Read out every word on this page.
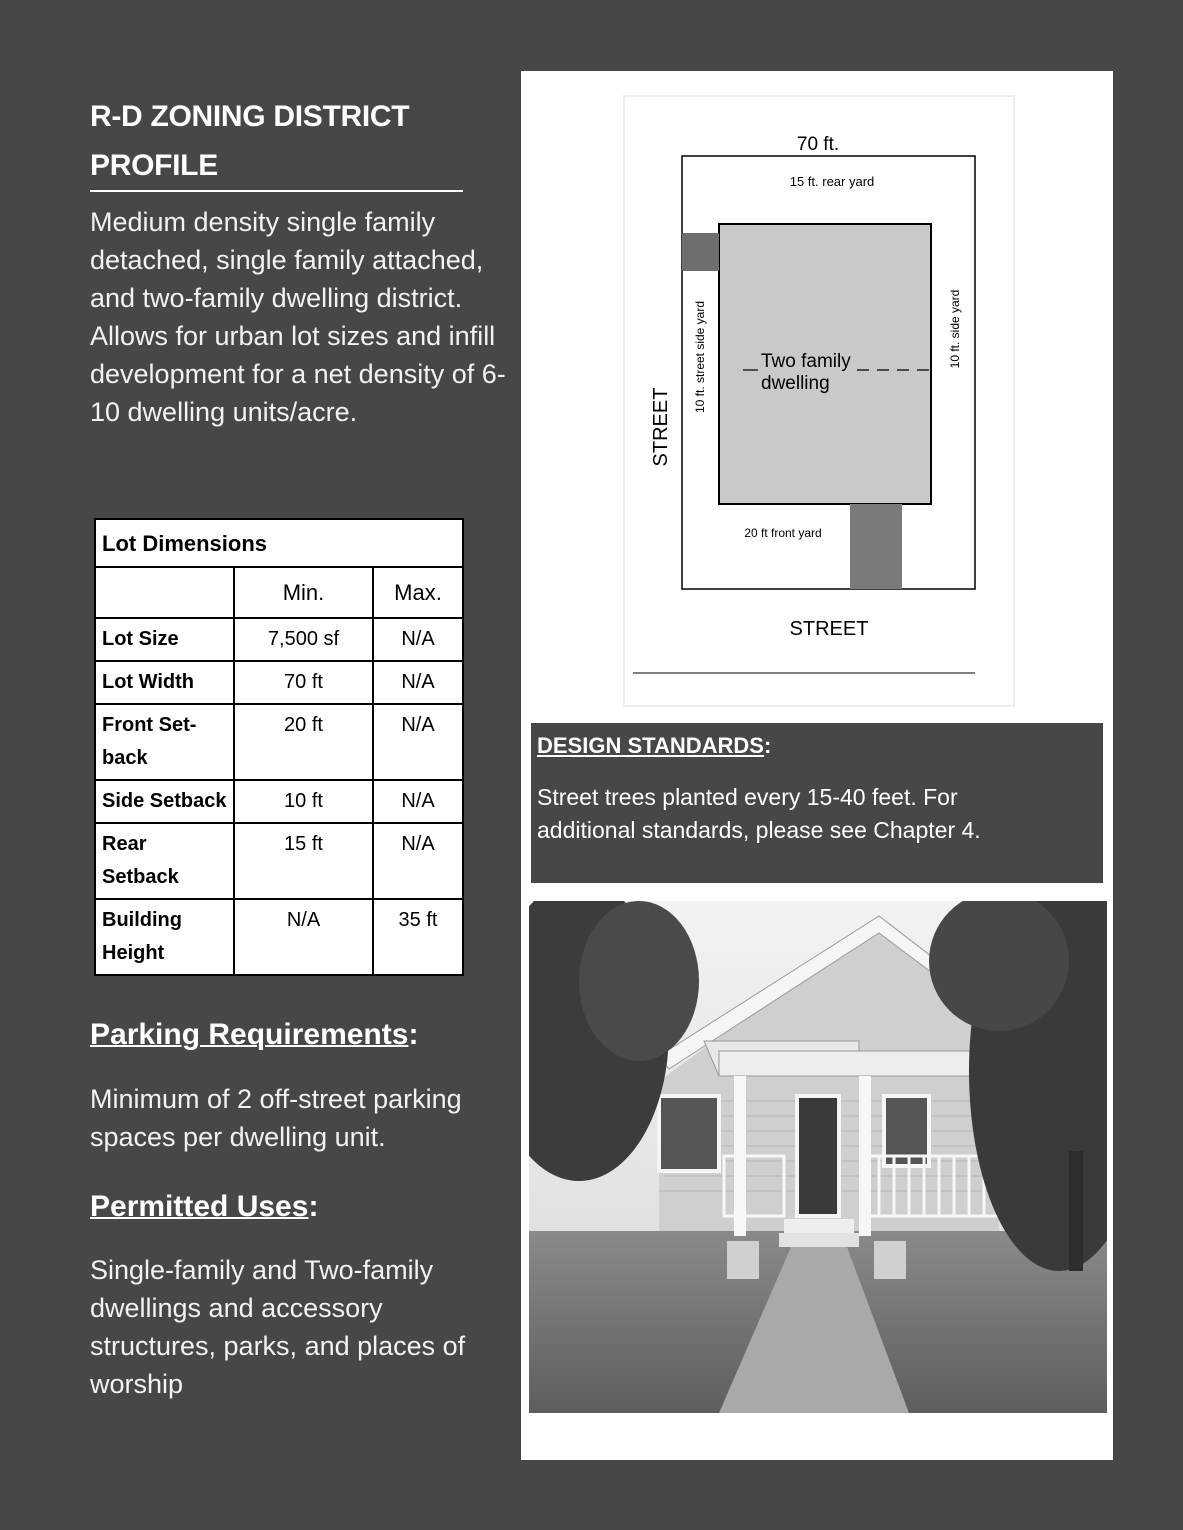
R-D ZONING DISTRICT
PROFILE
Medium density single family detached, single family attached, and two-family dwelling district. Allows for urban lot sizes and infill development for a net density of 6-10 dwelling units/acre.
Lot Dimensions		
	Min.	Max.
Lot Size	7,500 sf	N/A
Lot Width	70 ft	N/A
Front Set-back	20 ft	N/A
Side Setback	10 ft	N/A
Rear Setback	15 ft	N/A
Building Height	N/A	35 ft
Parking Requirements:
Minimum of 2 off-street parking spaces per dwelling unit.
Permitted Uses:
Single-family and Two-family dwellings and accessory structures, parks, and places of worship
70 ft.
15 ft. rear yard
10 ft. street side yard	10 ft. side yard
Two family
dwelling
20 ft front yard
STREET
STREET
DESIGN STANDARDS:
Street trees planted every 15-40 feet. For additional standards, please see Chapter 4.
